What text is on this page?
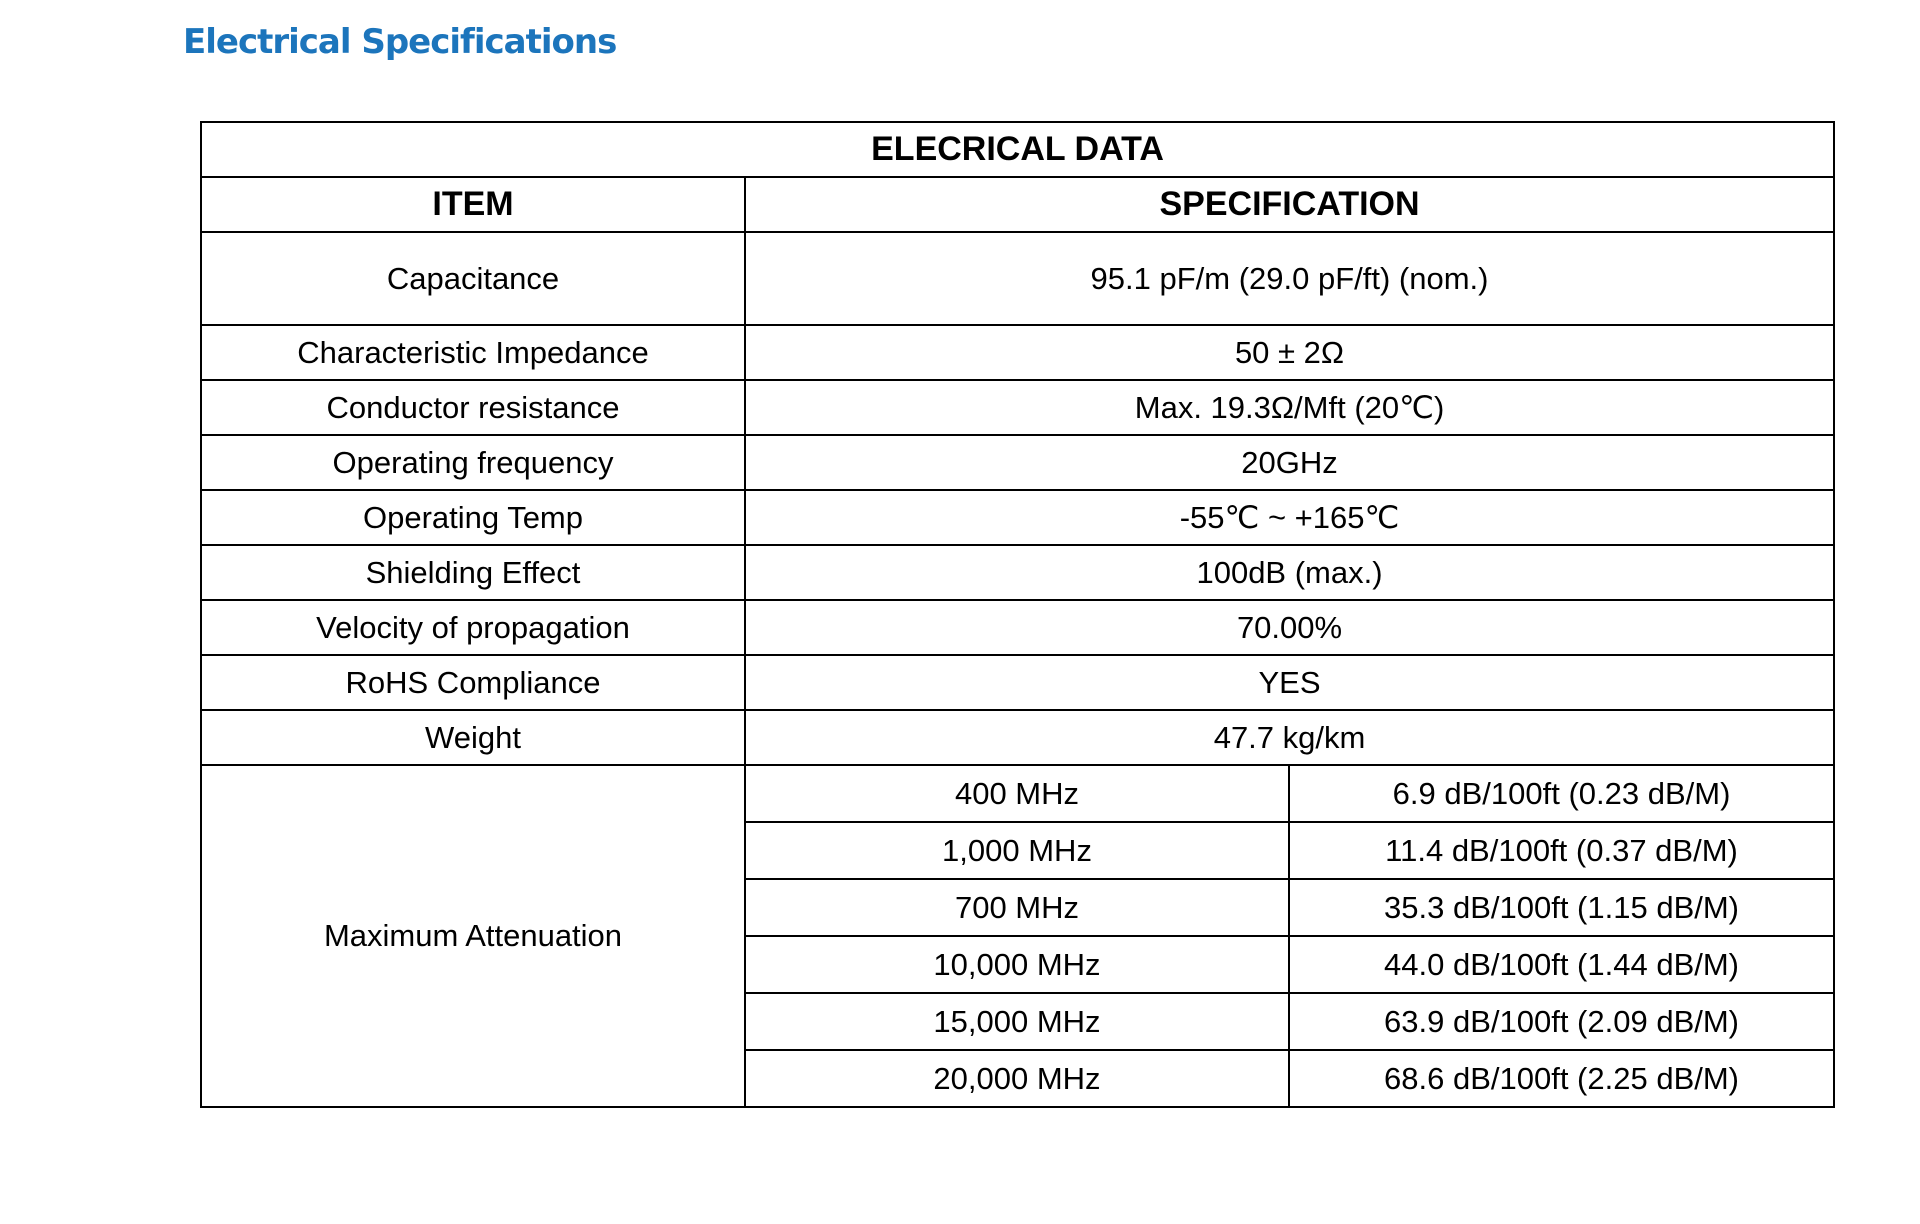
Electrical Specifications
ELECRICAL DATA		
ITEM	SPECIFICATION	
Capacitance	95.1 pF/m (29.0 pF/ft) (nom.)	
Characteristic Impedance	50 ± 2Ω	
Conductor resistance	Max. 19.3Ω/Mft (20℃)	
Operating frequency	20GHz	
Operating Temp	-55℃ ~ +165℃	
Shielding Effect	100dB (max.)	
Velocity of propagation	70.00%	
RoHS Compliance	YES	
Weight	47.7 kg/km	
Maximum Attenuation	400 MHz	6.9 dB/100ft (0.23 dB/M)
	1,000 MHz	11.4 dB/100ft (0.37 dB/M)
	700 MHz	35.3 dB/100ft (1.15 dB/M)
	10,000 MHz	44.0 dB/100ft (1.44 dB/M)
	15,000 MHz	63.9 dB/100ft (2.09 dB/M)
	20,000 MHz	68.6 dB/100ft (2.25 dB/M)
